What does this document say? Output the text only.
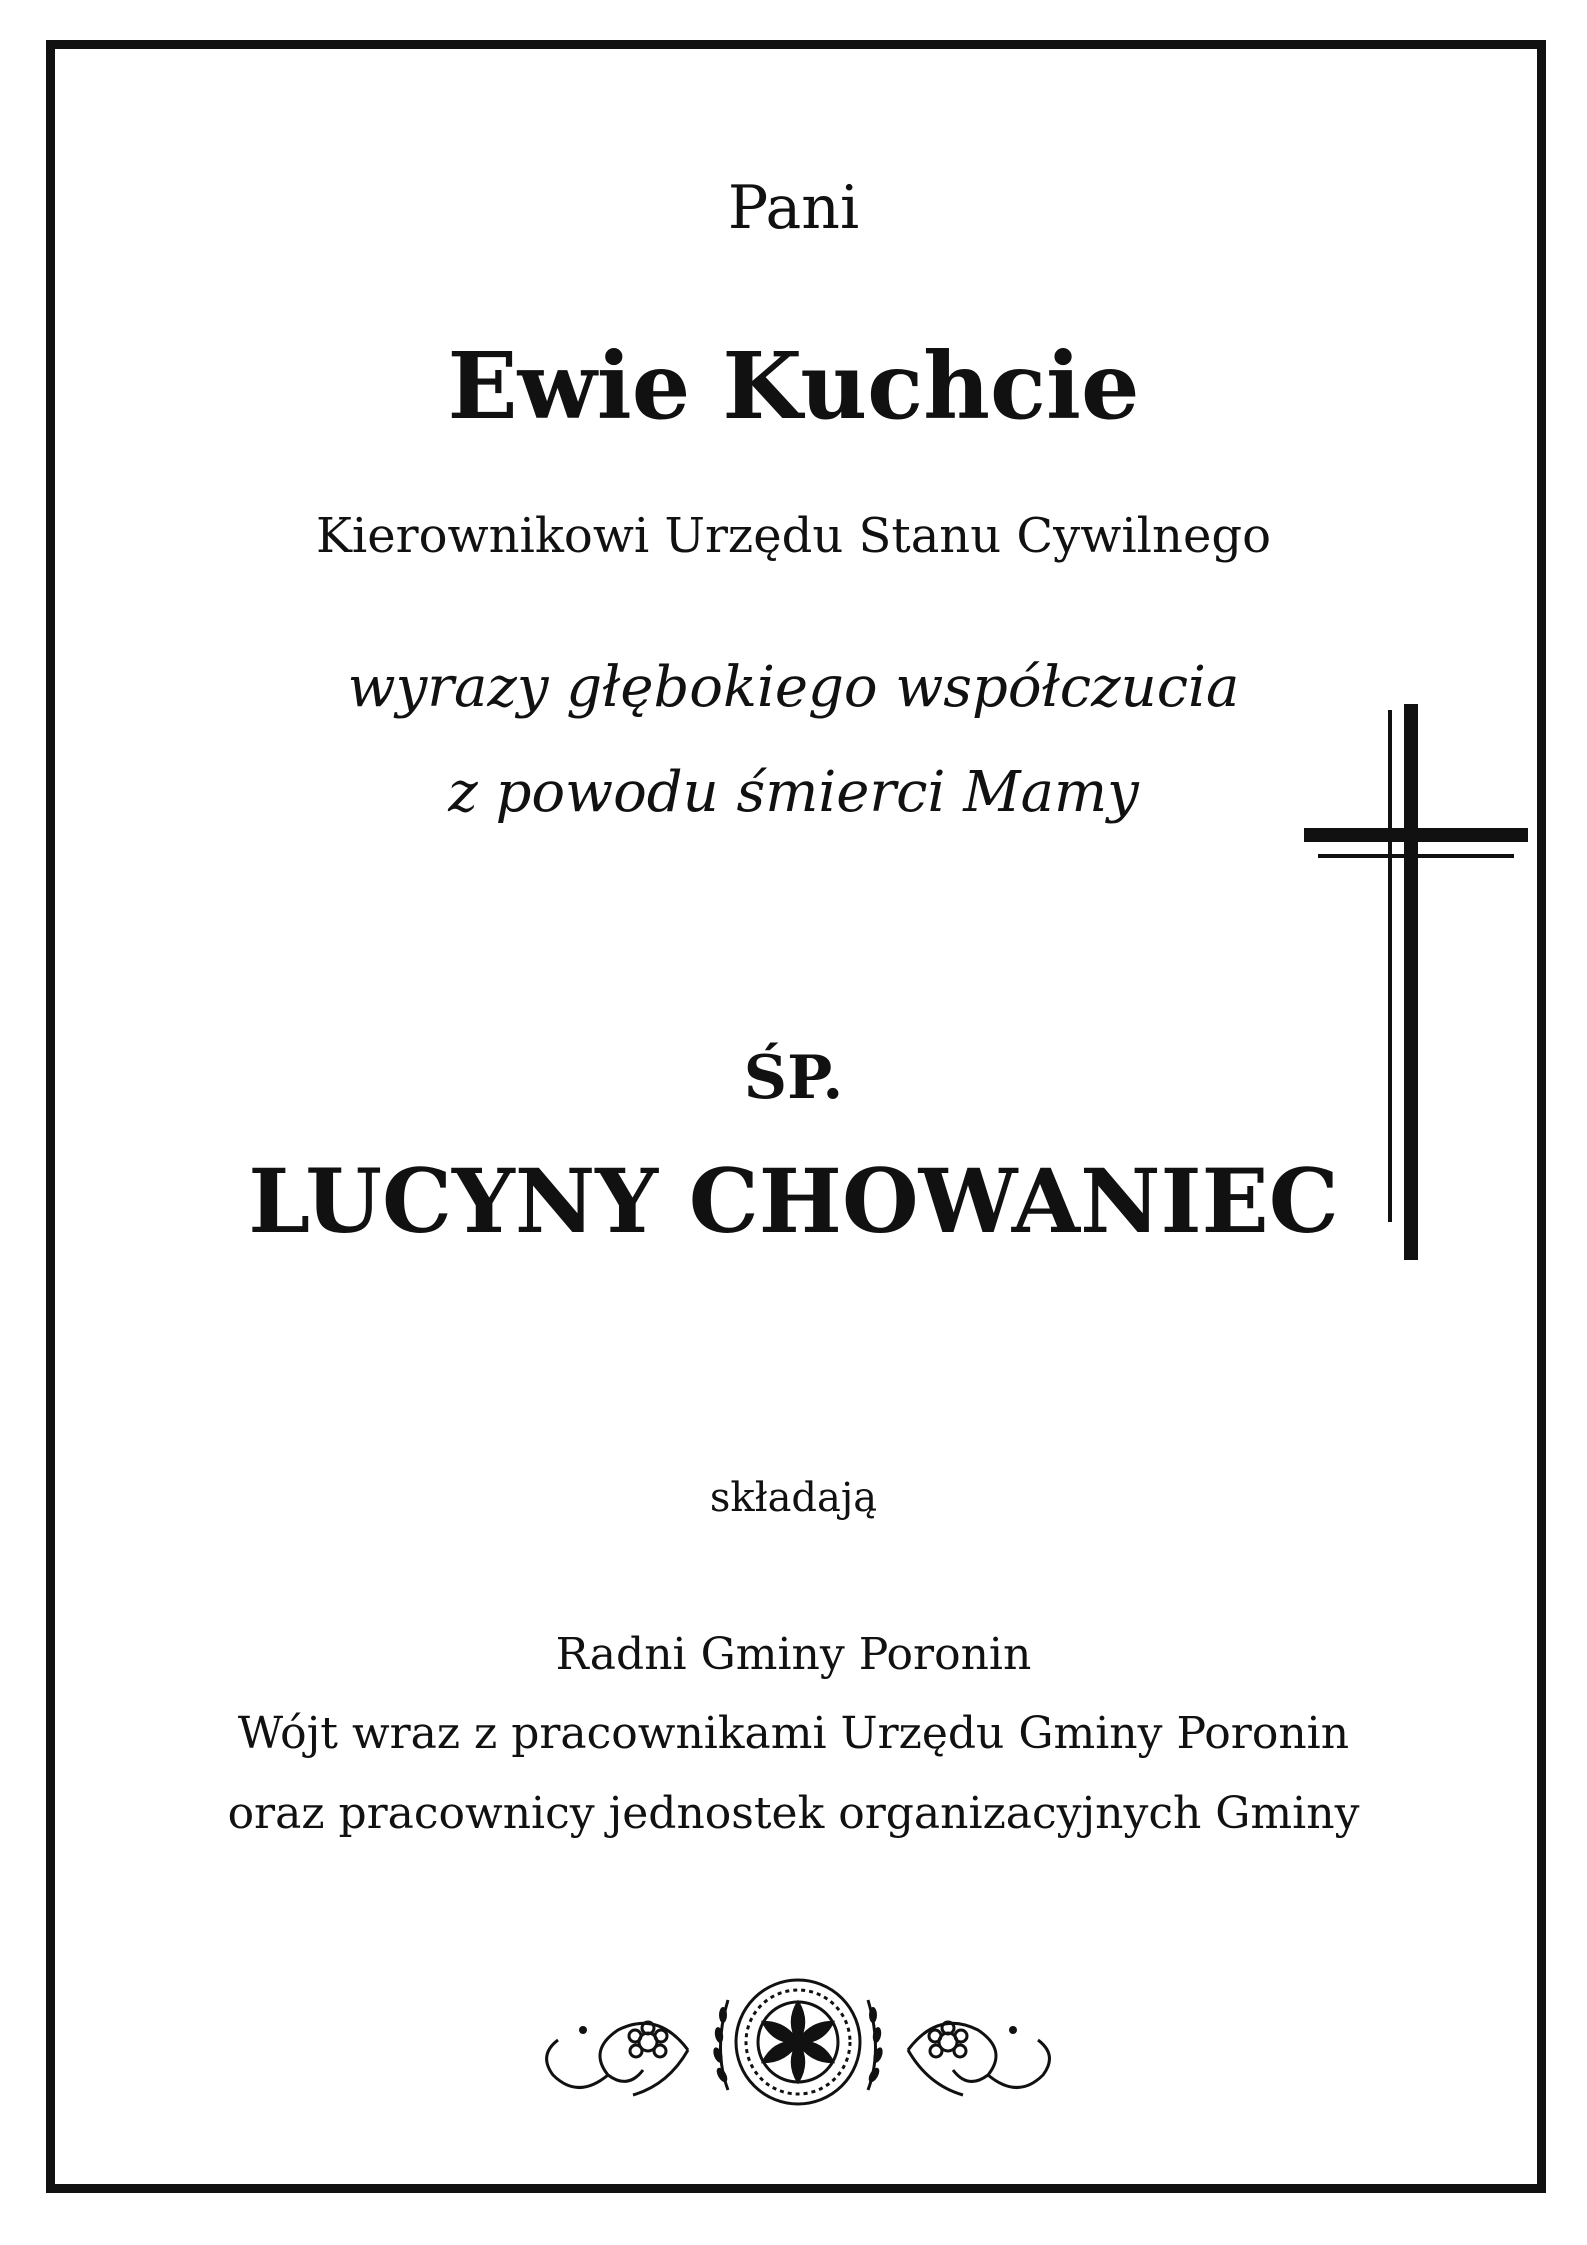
Pani
Ewie Kuchcie
Kierownikowi Urzędu Stanu Cywilnego
wyrazy głębokiego współczucia
z powodu śmierci Mamy
ŚP.
LUCYNY CHOWANIEC
składają
Radni Gminy Poronin
Wójt wraz z pracownikami Urzędu Gminy Poronin
oraz pracownicy jednostek organizacyjnych Gminy
